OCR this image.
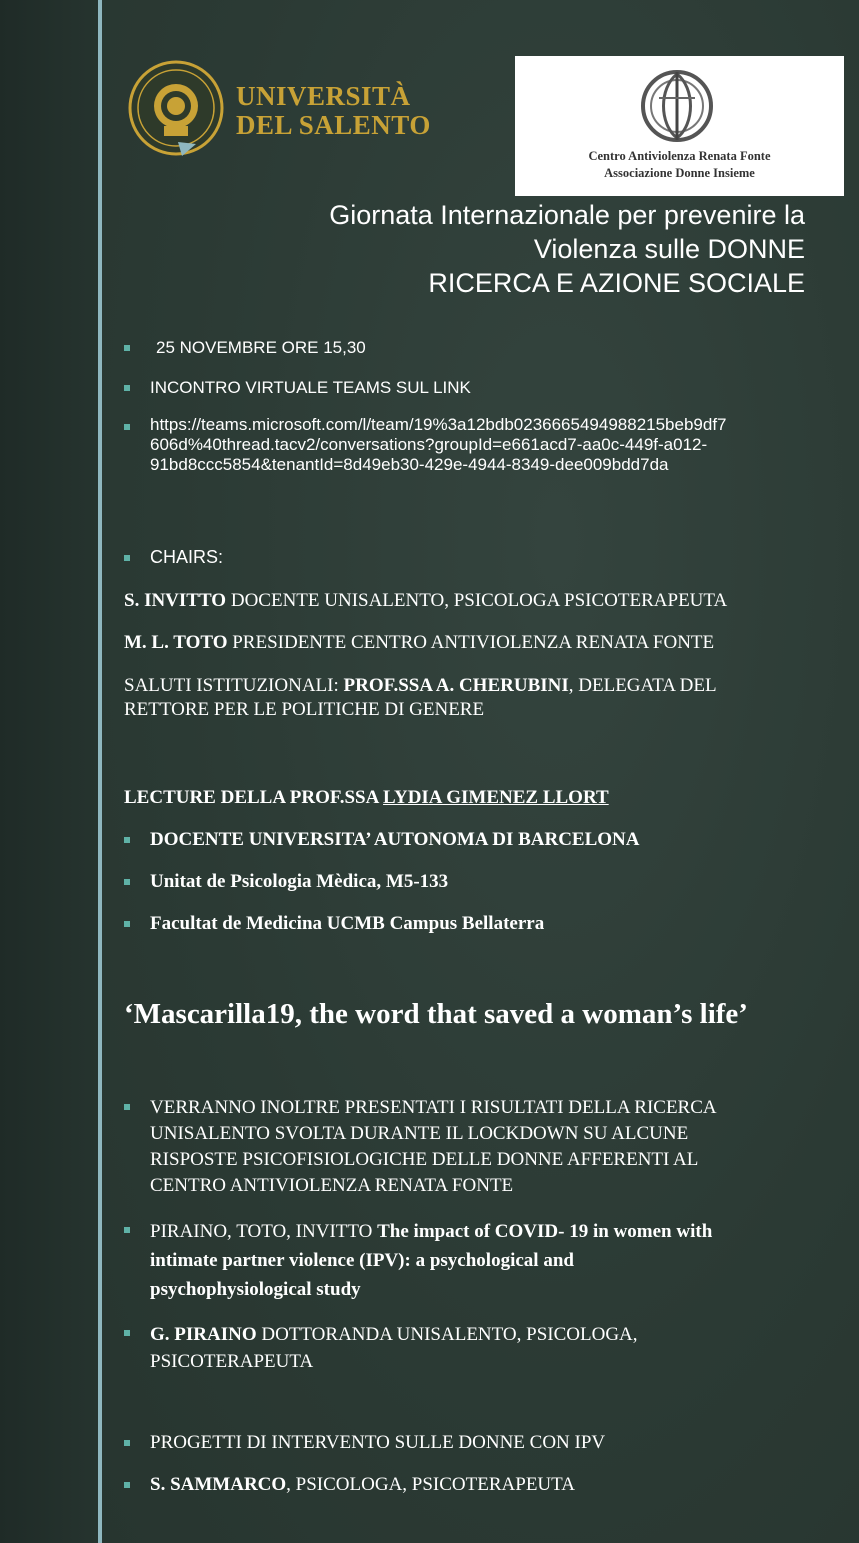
UNIVERSITÀ
DEL SALENTO
Centro Antiviolenza Renata Fonte
Associazione Donne Insieme
Giornata Internazionale per prevenire la
Violenza sulle DONNE
RICERCA E AZIONE SOCIALE
25 NOVEMBRE ORE 15,30
INCONTRO VIRTUALE TEAMS SUL LINK
https://teams.microsoft.com/l/team/19%3a12bdb0236665494988215beb9df7
606d%40thread.tacv2/conversations?groupId=e661acd7-aa0c-449f-a012-
91bd8ccc5854&tenantId=8d49eb30-429e-4944-8349-dee009bdd7da
CHAIRS:
S. INVITTO DOCENTE UNISALENTO, PSICOLOGA PSICOTERAPEUTA
M. L. TOTO PRESIDENTE CENTRO ANTIVIOLENZA RENATA FONTE
SALUTI ISTITUZIONALI: PROF.SSA A. CHERUBINI, DELEGATA DEL
RETTORE PER LE POLITICHE DI GENERE
LECTURE DELLA PROF.SSA LYDIA GIMENEZ LLORT
DOCENTE UNIVERSITA’ AUTONOMA DI BARCELONA
Unitat de Psicologia Mèdica, M5-133
Facultat de Medicina UCMB Campus Bellaterra
‘Mascarilla19, the word that saved a woman’s life’
VERRANNO INOLTRE PRESENTATI I RISULTATI DELLA RICERCA
UNISALENTO SVOLTA DURANTE IL LOCKDOWN SU ALCUNE
RISPOSTE PSICOFISIOLOGICHE DELLE DONNE AFFERENTI AL
CENTRO ANTIVIOLENZA RENATA FONTE
PIRAINO, TOTO, INVITTO The impact of COVID- 19 in women with
intimate partner violence (IPV): a psychological and
psychophysiological study
G. PIRAINO DOTTORANDA UNISALENTO, PSICOLOGA,
PSICOTERAPEUTA
PROGETTI DI INTERVENTO SULLE DONNE CON IPV
S. SAMMARCO, PSICOLOGA, PSICOTERAPEUTA
